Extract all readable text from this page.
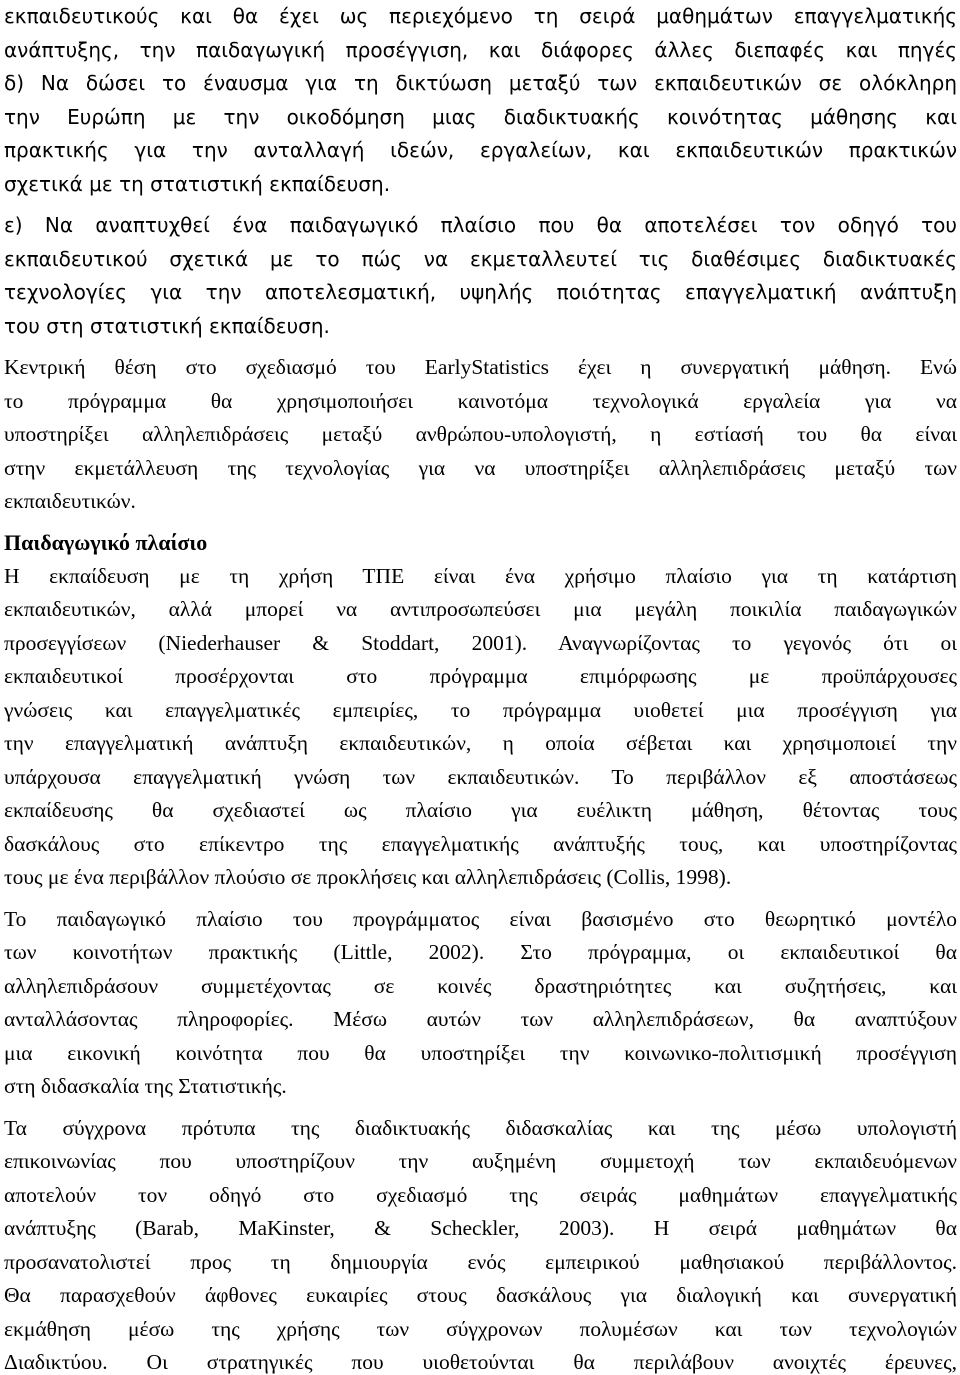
εκπαιδευτικούς και θα έχει ως περιεχόμενο τη σειρά μαθημάτων επαγγελματικής

ανάπτυξης, την παιδαγωγική προσέγγιση, και διάφορες άλλες διεπαφές και πηγές

δ) Να δώσει το έναυσμα για τη δικτύωση μεταξύ των εκπαιδευτικών σε ολόκληρη

την Ευρώπη με την οικοδόμηση μιας διαδικτυακής κοινότητας μάθησης και

πρακτικής για την ανταλλαγή ιδεών, εργαλείων, και εκπαιδευτικών πρακτικών

σχετικά με τη στατιστική εκπαίδευση.

ε) Να αναπτυχθεί ένα παιδαγωγικό πλαίσιο που θα αποτελέσει τον οδηγό του

εκπαιδευτικού σχετικά με το πώς να εκμεταλλευτεί τις διαθέσιμες διαδικτυακές

τεχνολογίες για την αποτελεσματική, υψηλής ποιότητας επαγγελματική ανάπτυξη

του στη στατιστική εκπαίδευση.

Κεντρική θέση στο σχεδιασμό του EarlyStatistics έχει η συνεργατική μάθηση. Ενώ

το πρόγραμμα θα χρησιμοποιήσει καινοτόμα τεχνολογικά εργαλεία για να

υποστηρίξει αλληλεπιδράσεις μεταξύ ανθρώπου-υπολογιστή, η εστίασή του θα είναι

στην εκμετάλλευση της τεχνολογίας για να υποστηρίξει αλληλεπιδράσεις μεταξύ των

εκπαιδευτικών.

Παιδαγωγικό πλαίσιο

Η εκπαίδευση με τη χρήση ΤΠΕ είναι ένα χρήσιμο πλαίσιο για τη κατάρτιση

εκπαιδευτικών, αλλά μπορεί να αντιπροσωπεύσει μια μεγάλη ποικιλία παιδαγωγικών

προσεγγίσεων (Niederhauser & Stoddart, 2001). Αναγνωρίζοντας το γεγονός ότι οι

εκπαιδευτικοί προσέρχονται στο πρόγραμμα επιμόρφωσης με προϋπάρχουσες

γνώσεις και επαγγελματικές εμπειρίες, το πρόγραμμα υιοθετεί μια προσέγγιση για

την επαγγελματική ανάπτυξη εκπαιδευτικών, η οποία σέβεται και χρησιμοποιεί την

υπάρχουσα επαγγελματική γνώση των εκπαιδευτικών. Το περιβάλλον εξ αποστάσεως

εκπαίδευσης θα σχεδιαστεί ως πλαίσιο για ευέλικτη μάθηση, θέτοντας τους

δασκάλους στο επίκεντρο της επαγγελματικής ανάπτυξής τους, και υποστηρίζοντας

τους με ένα περιβάλλον πλούσιο σε προκλήσεις και αλληλεπιδράσεις (Collis, 1998).

Το παιδαγωγικό πλαίσιο του προγράμματος είναι βασισμένο στο θεωρητικό μοντέλο

των κοινοτήτων πρακτικής (Little, 2002). Στο πρόγραμμα, οι εκπαιδευτικοί θα

αλληλεπιδράσουν συμμετέχοντας σε κοινές δραστηριότητες και συζητήσεις, και

ανταλλάσοντας πληροφορίες. Μέσω αυτών των αλληλεπιδράσεων, θα αναπτύξουν

μια εικονική κοινότητα που θα υποστηρίξει την κοινωνικο-πολιτισμική προσέγγιση

στη διδασκαλία της Στατιστικής.

Τα σύγχρονα πρότυπα της διαδικτυακής διδασκαλίας και της μέσω υπολογιστή

επικοινωνίας που υποστηρίζουν την αυξημένη συμμετοχή των εκπαιδευόμενων

αποτελούν τον οδηγό στο σχεδιασμό της σειράς μαθημάτων επαγγελματικής

ανάπτυξης (Barab, MaKinster, & Scheckler, 2003). Η σειρά μαθημάτων θα

προσανατολιστεί προς τη δημιουργία ενός εμπειρικού μαθησιακού περιβάλλοντος.

Θα παρασχεθούν άφθονες ευκαιρίες στους δασκάλους για διαλογική και συνεργατική

εκμάθηση μέσω της χρήσης των σύγχρονων πολυμέσων και των τεχνολογιών

Διαδικτύου. Οι στρατηγικές που υιοθετούνται θα περιλάβουν ανοιχτές έρευνες,
